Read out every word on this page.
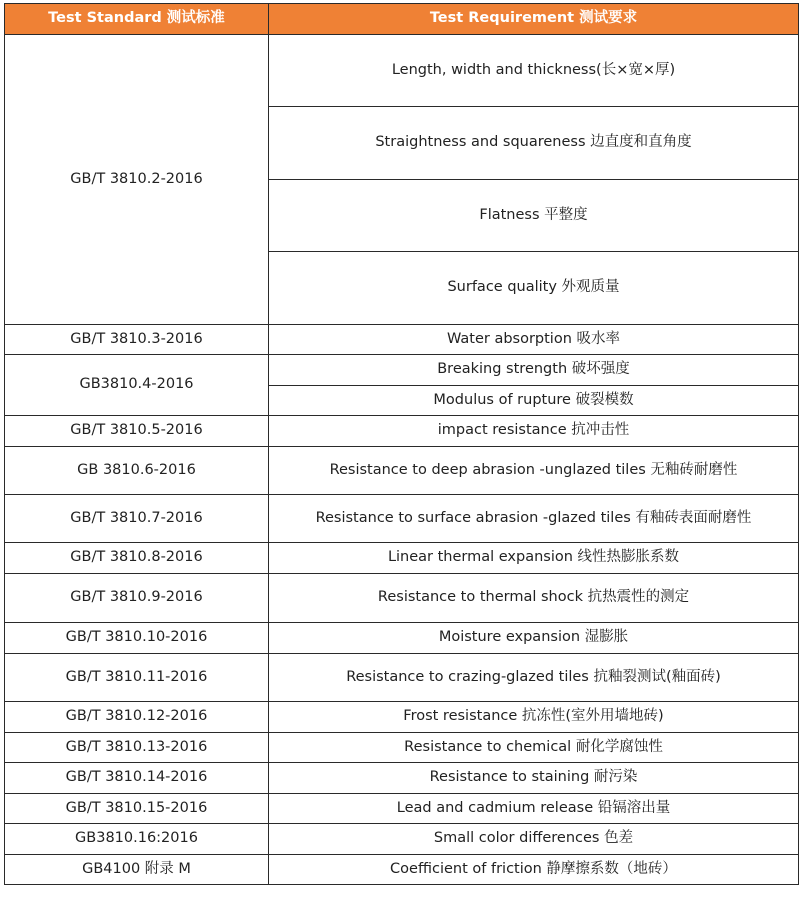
Test Standard 测试标准	Test Requirement 测试要求
GB/T 3810.2-2016	Length, width and thickness(长×宽×厚)
	Straightness and squareness 边直度和直角度
	Flatness 平整度
	Surface quality 外观质量
GB/T 3810.3-2016	Water absorption 吸水率
GB3810.4-2016	Breaking strength 破坏强度
	Modulus of rupture 破裂模数
GB/T 3810.5-2016	impact resistance 抗冲击性
GB 3810.6-2016	Resistance to deep abrasion -unglazed tiles 无釉砖耐磨性
GB/T 3810.7-2016	Resistance to surface abrasion -glazed tiles 有釉砖表面耐磨性
GB/T 3810.8-2016	Linear thermal expansion 线性热膨胀系数
GB/T 3810.9-2016	Resistance to thermal shock 抗热震性的测定
GB/T 3810.10-2016	Moisture expansion 湿膨胀
GB/T 3810.11-2016	Resistance to crazing-glazed tiles 抗釉裂测试(釉面砖)
GB/T 3810.12-2016	Frost resistance 抗冻性(室外用墙地砖)
GB/T 3810.13-2016	Resistance to chemical 耐化学腐蚀性
GB/T 3810.14-2016	Resistance to staining 耐污染
GB/T 3810.15-2016	Lead and cadmium release 铅镉溶出量
GB3810.16:2016	Small color differences 色差
GB4100 附录 M	Coefficient of friction 静摩擦系数（地砖）
